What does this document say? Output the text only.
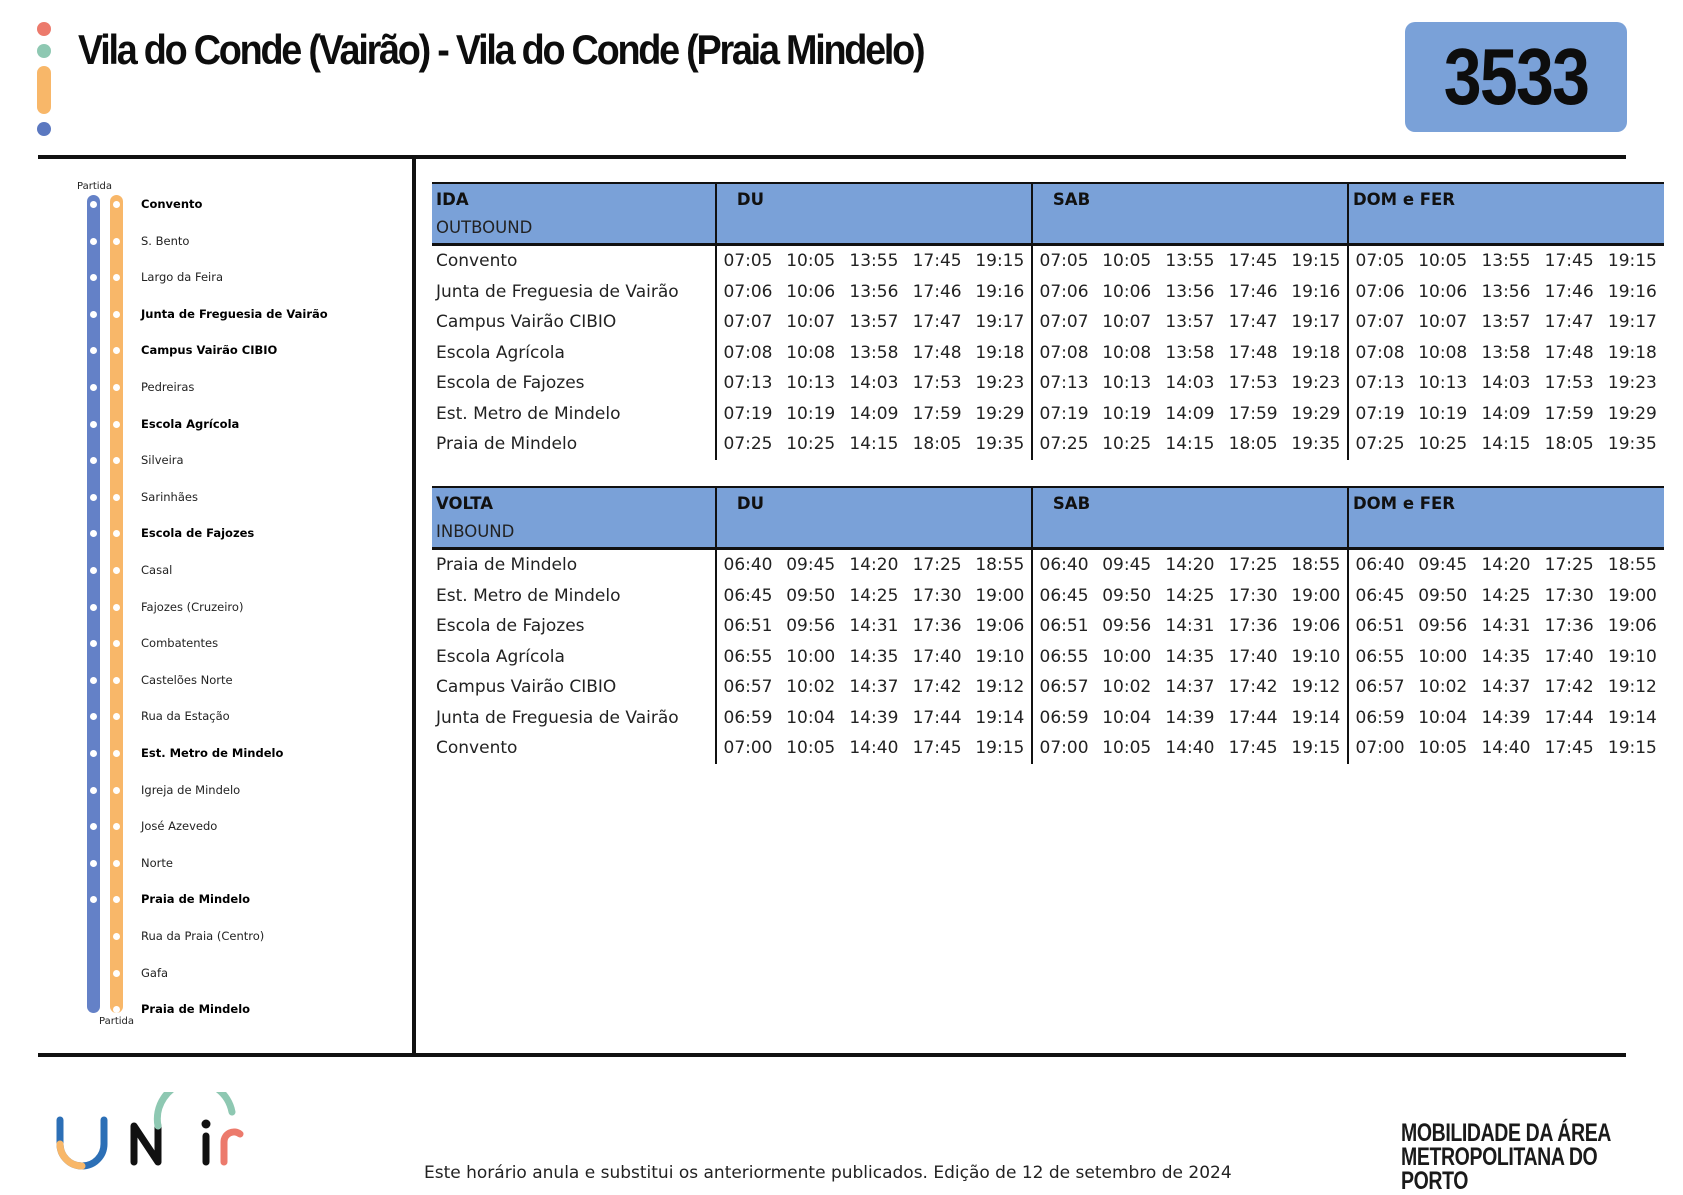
Vila do Conde (Vairão) - Vila do Conde (Praia Mindelo)	3533
Partida
Convento
S. Bento
Largo da Feira
Junta de Freguesia de Vairão
Campus Vairão CIBIO
Pedreiras
Escola Agrícola
Silveira
Sarinhães
Escola de Fajozes
Casal
Fajozes (Cruzeiro)
Combatentes
Castelões Norte
Rua da Estação
Est. Metro de Mindelo
Igreja de Mindelo
José Azevedo
Norte
Praia de Mindelo
Rua da Praia (Centro)
Gafa
Praia de Mindelo
Partida
IDA	DU					SAB					DOM e FER				
OUTBOUND															
Convento	07:05	10:05	13:55	17:45	19:15	07:05	10:05	13:55	17:45	19:15	07:05	10:05	13:55	17:45	19:15
Junta de Freguesia de Vairão	07:06	10:06	13:56	17:46	19:16	07:06	10:06	13:56	17:46	19:16	07:06	10:06	13:56	17:46	19:16
Campus Vairão CIBIO	07:07	10:07	13:57	17:47	19:17	07:07	10:07	13:57	17:47	19:17	07:07	10:07	13:57	17:47	19:17
Escola Agrícola	07:08	10:08	13:58	17:48	19:18	07:08	10:08	13:58	17:48	19:18	07:08	10:08	13:58	17:48	19:18
Escola de Fajozes	07:13	10:13	14:03	17:53	19:23	07:13	10:13	14:03	17:53	19:23	07:13	10:13	14:03	17:53	19:23
Est. Metro de Mindelo	07:19	10:19	14:09	17:59	19:29	07:19	10:19	14:09	17:59	19:29	07:19	10:19	14:09	17:59	19:29
Praia de Mindelo	07:25	10:25	14:15	18:05	19:35	07:25	10:25	14:15	18:05	19:35	07:25	10:25	14:15	18:05	19:35
VOLTA	DU					SAB					DOM e FER				
INBOUND															
Praia de Mindelo	06:40	09:45	14:20	17:25	18:55	06:40	09:45	14:20	17:25	18:55	06:40	09:45	14:20	17:25	18:55
Est. Metro de Mindelo	06:45	09:50	14:25	17:30	19:00	06:45	09:50	14:25	17:30	19:00	06:45	09:50	14:25	17:30	19:00
Escola de Fajozes	06:51	09:56	14:31	17:36	19:06	06:51	09:56	14:31	17:36	19:06	06:51	09:56	14:31	17:36	19:06
Escola Agrícola	06:55	10:00	14:35	17:40	19:10	06:55	10:00	14:35	17:40	19:10	06:55	10:00	14:35	17:40	19:10
Campus Vairão CIBIO	06:57	10:02	14:37	17:42	19:12	06:57	10:02	14:37	17:42	19:12	06:57	10:02	14:37	17:42	19:12
Junta de Freguesia de Vairão	06:59	10:04	14:39	17:44	19:14	06:59	10:04	14:39	17:44	19:14	06:59	10:04	14:39	17:44	19:14
Convento	07:00	10:05	14:40	17:45	19:15	07:00	10:05	14:40	17:45	19:15	07:00	10:05	14:40	17:45	19:15
Este horário anula e substitui os anteriormente publicados. Edição de 12 de setembro de 2024
MOBILIDADE DA ÁREA
METROPOLITANA DO PORTO
